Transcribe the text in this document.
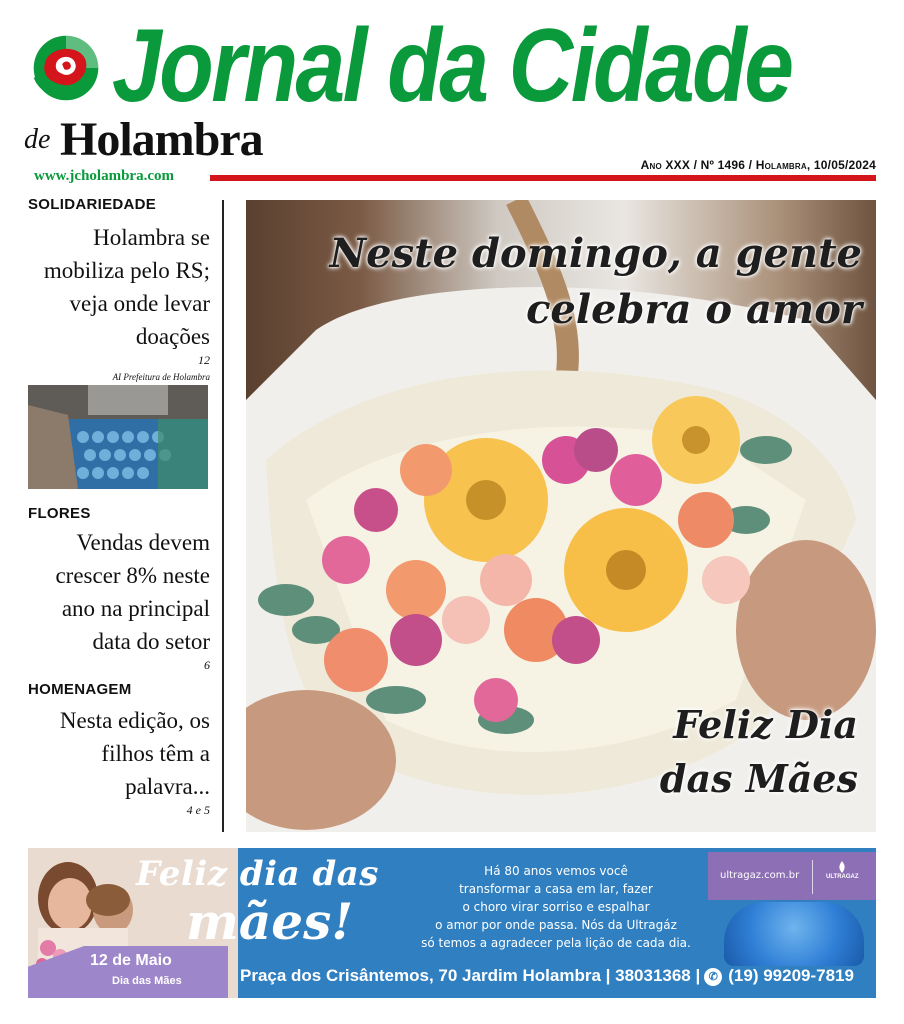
Jornal da Cidade
de Holambra
www.jcholambra.com
Ano XXX / Nº 1496 / Holambra, 10/05/2024
SOLIDARIEDADE
Holambra se mobiliza pelo RS; veja onde levar doações
12
AI Prefeitura de Holambra
FLORES
Vendas devem crescer 8% neste ano na principal data do setor
6
HOMENAGEM
Nesta edição, os filhos têm a palavra...
4 e 5
Neste domingo, a gente
celebra o amor
Feliz Dia
das Mães
12 de Maio
Dia das Mães
Feliz dia das
mães!
Há 80 anos vemos você
transformar a casa em lar, fazer
o choro virar sorriso e espalhar
o amor por onde passa. Nós da Ultragáz
só temos a agradecer pela lição de cada dia.
ultragaz.com.br	ULTRAGAZ
Praça dos Crisântemos, 70 Jardim Holambra | 38031368 | ✆ (19) 99209-7819
